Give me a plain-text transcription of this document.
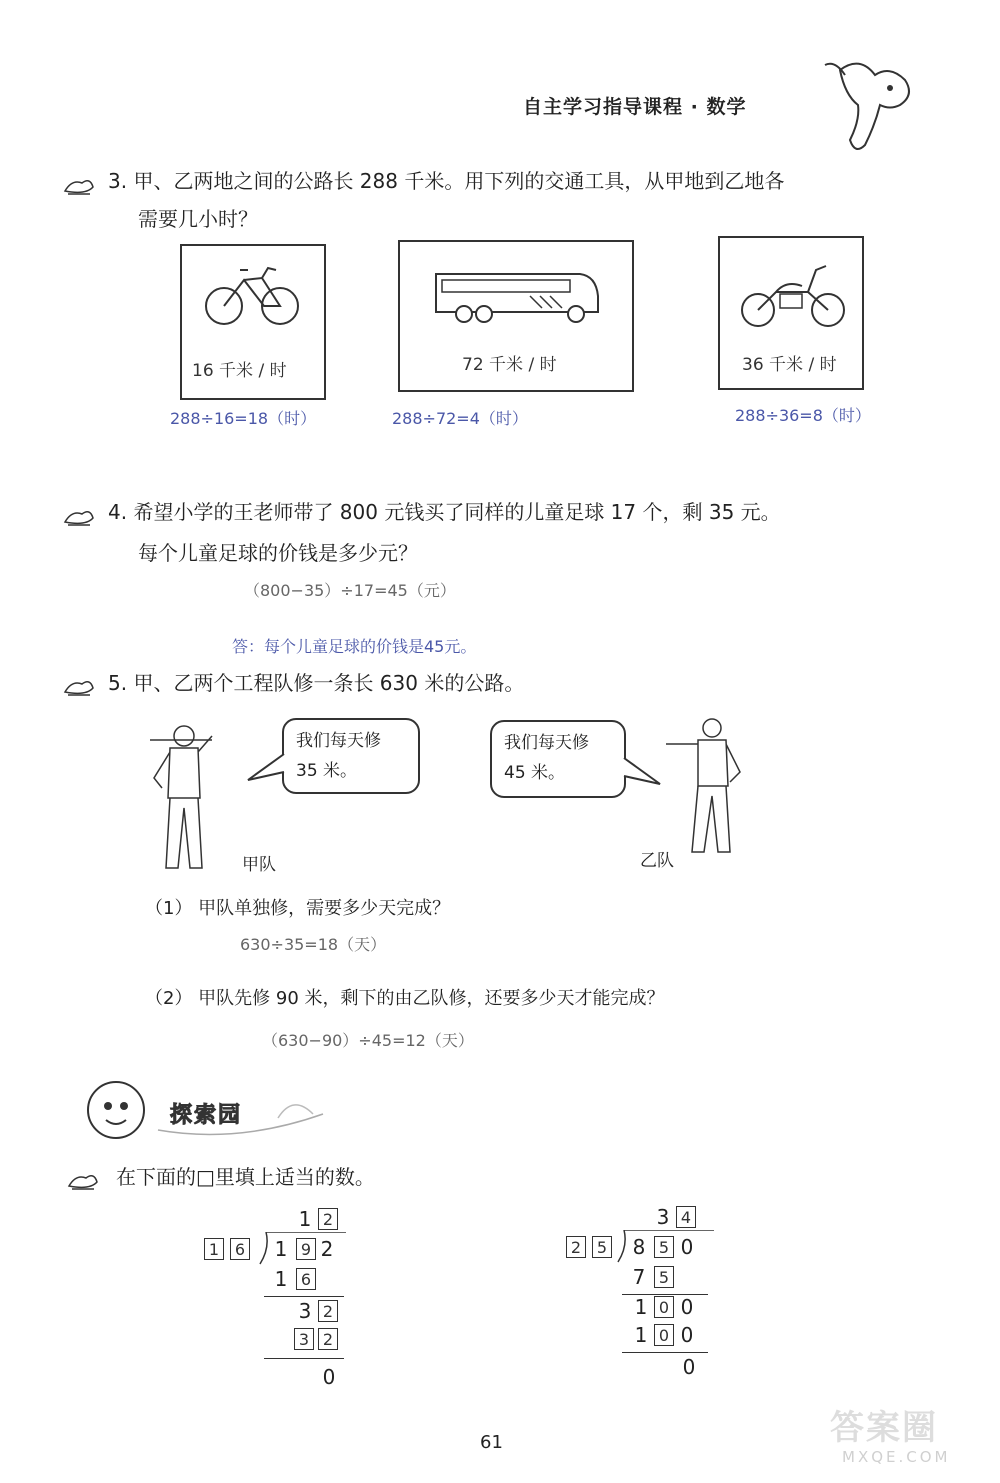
自主学习指导课程 · 数学
3. 甲、乙两地之间的公路长 288 千米。用下列的交通工具，从甲地到乙地各
需要几小时？
16 千米 / 时	72 千米 / 时	36 千米 / 时
288÷16=18（时）	288÷72=4（时）	288÷36=8（时）
4. 希望小学的王老师带了 800 元钱买了同样的儿童足球 17 个，剩 35 元。
每个儿童足球的价钱是多少元？
（800−35）÷17=45（元）
答：每个儿童足球的价钱是45元。
5. 甲、乙两个工程队修一条长 630 米的公路。
我们每天修
35 米。
甲队
我们每天修
45 米。
乙队
（1） 甲队单独修，需要多少天完成？
630÷35=18（天）
（2） 甲队先修 90 米，剩下的由乙队修，还要多少天才能完成？
（630−90）÷45=12（天）
探索园
在下面的□里填上适当的数。
1 2
1 6 1 9 2
1 6
3 2
3 2
0
3 4
2 5 8 5 0
7 5
1 0 0
1 0 0
0
61	答案圈
MXQE.COM
